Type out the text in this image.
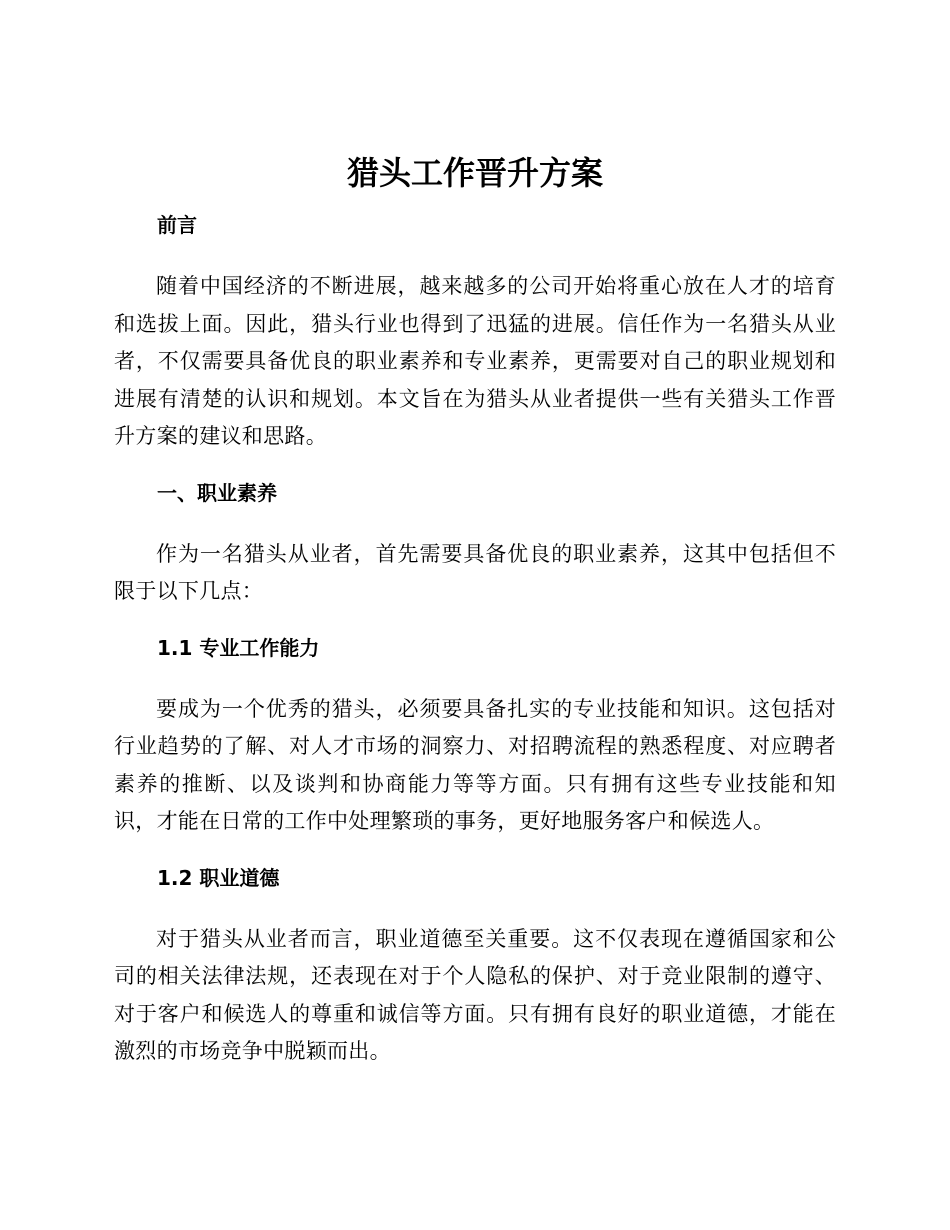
猎头工作晋升方案
前言

随着中国经济的不断进展，越来越多的公司开始将重心放在人才的培育和选拔上面。因此，猎头行业也得到了迅猛的进展。信任作为一名猎头从业者，不仅需要具备优良的职业素养和专业素养，更需要对自己的职业规划和进展有清楚的认识和规划。本文旨在为猎头从业者提供一些有关猎头工作晋升方案的建议和思路。

一、职业素养

作为一名猎头从业者，首先需要具备优良的职业素养，这其中包括但不限于以下几点：

1.1 专业工作能力

要成为一个优秀的猎头，必须要具备扎实的专业技能和知识。这包括对行业趋势的了解、对人才市场的洞察力、对招聘流程的熟悉程度、对应聘者素养的推断、以及谈判和协商能力等等方面。只有拥有这些专业技能和知识，才能在日常的工作中处理繁琐的事务，更好地服务客户和候选人。

1.2 职业道德

对于猎头从业者而言，职业道德至关重要。这不仅表现在遵循国家和公司的相关法律法规，还表现在对于个人隐私的保护、对于竞业限制的遵守、对于客户和候选人的尊重和诚信等方面。只有拥有良好的职业道德，才能在激烈的市场竞争中脱颖而出。
